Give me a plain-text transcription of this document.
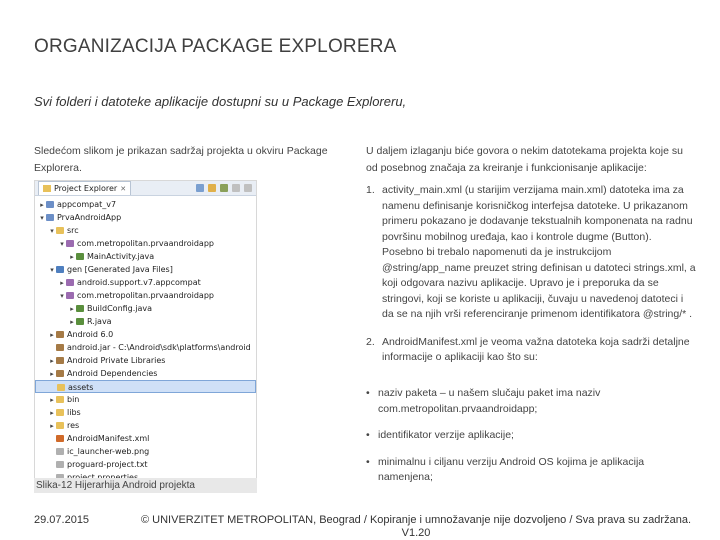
ORGANIZACIJA PACKAGE EXPLORERA
Svi folderi i datoteke aplikacije dostupni su u Package Exploreru,
Sledećom slikom je prikazan sadržaj projekta u okviru Package Explorera.
Project Explorer ✕
▸ appcompat_v7
▾ PrvaAndroidApp
▾ src
▾ com.metropolitan.prvaandroidapp
▸ MainActivity.java
▾ gen [Generated Java Files]
▸ android.support.v7.appcompat
▾ com.metropolitan.prvaandroidapp
▸ BuildConfig.java
▸ R.java
▸ Android 6.0
android.jar - C:\Android\sdk\platforms\android
▸ Android Private Libraries
▸ Android Dependencies
assets
▸ bin
▸ libs
▸ res
AndroidManifest.xml
ic_launcher-web.png
proguard-project.txt
Slika-12 Hijerarhija Android projekta
U daljem izlaganju biće govora o nekim datotekama projekta koje su od posebnog značaja za kreiranje i funkcionisanje aplikacije:
1. activity_main.xml (u starijim verzijama main.xml) datoteka ima za namenu definisanje korisničkog interfejsa datoteke. U prikazanom primeru pokazano je dodavanje tekstualnih komponenata na radnu površinu mobilnog uređaja, kao i kontrole dugme (Button). Posebno bi trebalo napomenuti da je instrukcijom @string/app_name preuzet string definisan u datoteci strings.xml, a koji odgovara nazivu aplikacije. Upravo je i preporuka da se stringovi, koji se koriste u aplikaciji, čuvaju u navedenoj datoteci i da se na njih vrši referenciranje primenom identifikatora @string/* .
2. AndroidManifest.xml je veoma važna datoteka koja sadrži detaljne informacije o aplikaciji kao što su:
• naziv paketa – u našem slučaju paket ima naziv com.metropolitan.prvaandroidapp;
• identifikator verzije aplikacije;
• minimalnu i ciljanu verziju Android OS kojima je aplikacija namenjena;
29.07.2015	© UNIVERZITET METROPOLITAN, Beograd / Kopiranje i umnožavanje nije dozvoljeno / Sva prava su zadržana. V1.20
